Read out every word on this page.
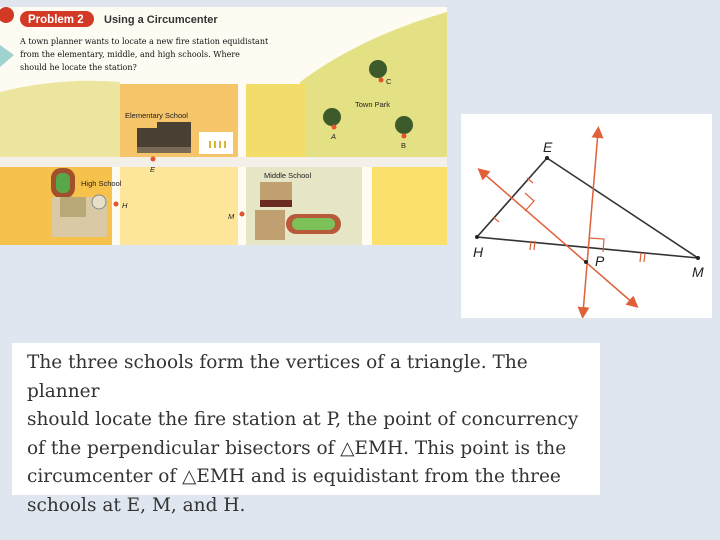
Problem 2 Using a Circumcenter
A town planner wants to locate a new fire station equidistant
from the elementary, middle, and high schools. Where
should he locate the station?
Elementary School
High School
Middle School
Town Park
E
H
M
A
B
C
E
H
M
P

The three schools form the vertices of a triangle. The planner
should locate the fire station at P, the point of concurrency
of the perpendicular bisectors of △EMH. This point is the
circumcenter of △EMH and is equidistant from the three
schools at E, M, and H.
